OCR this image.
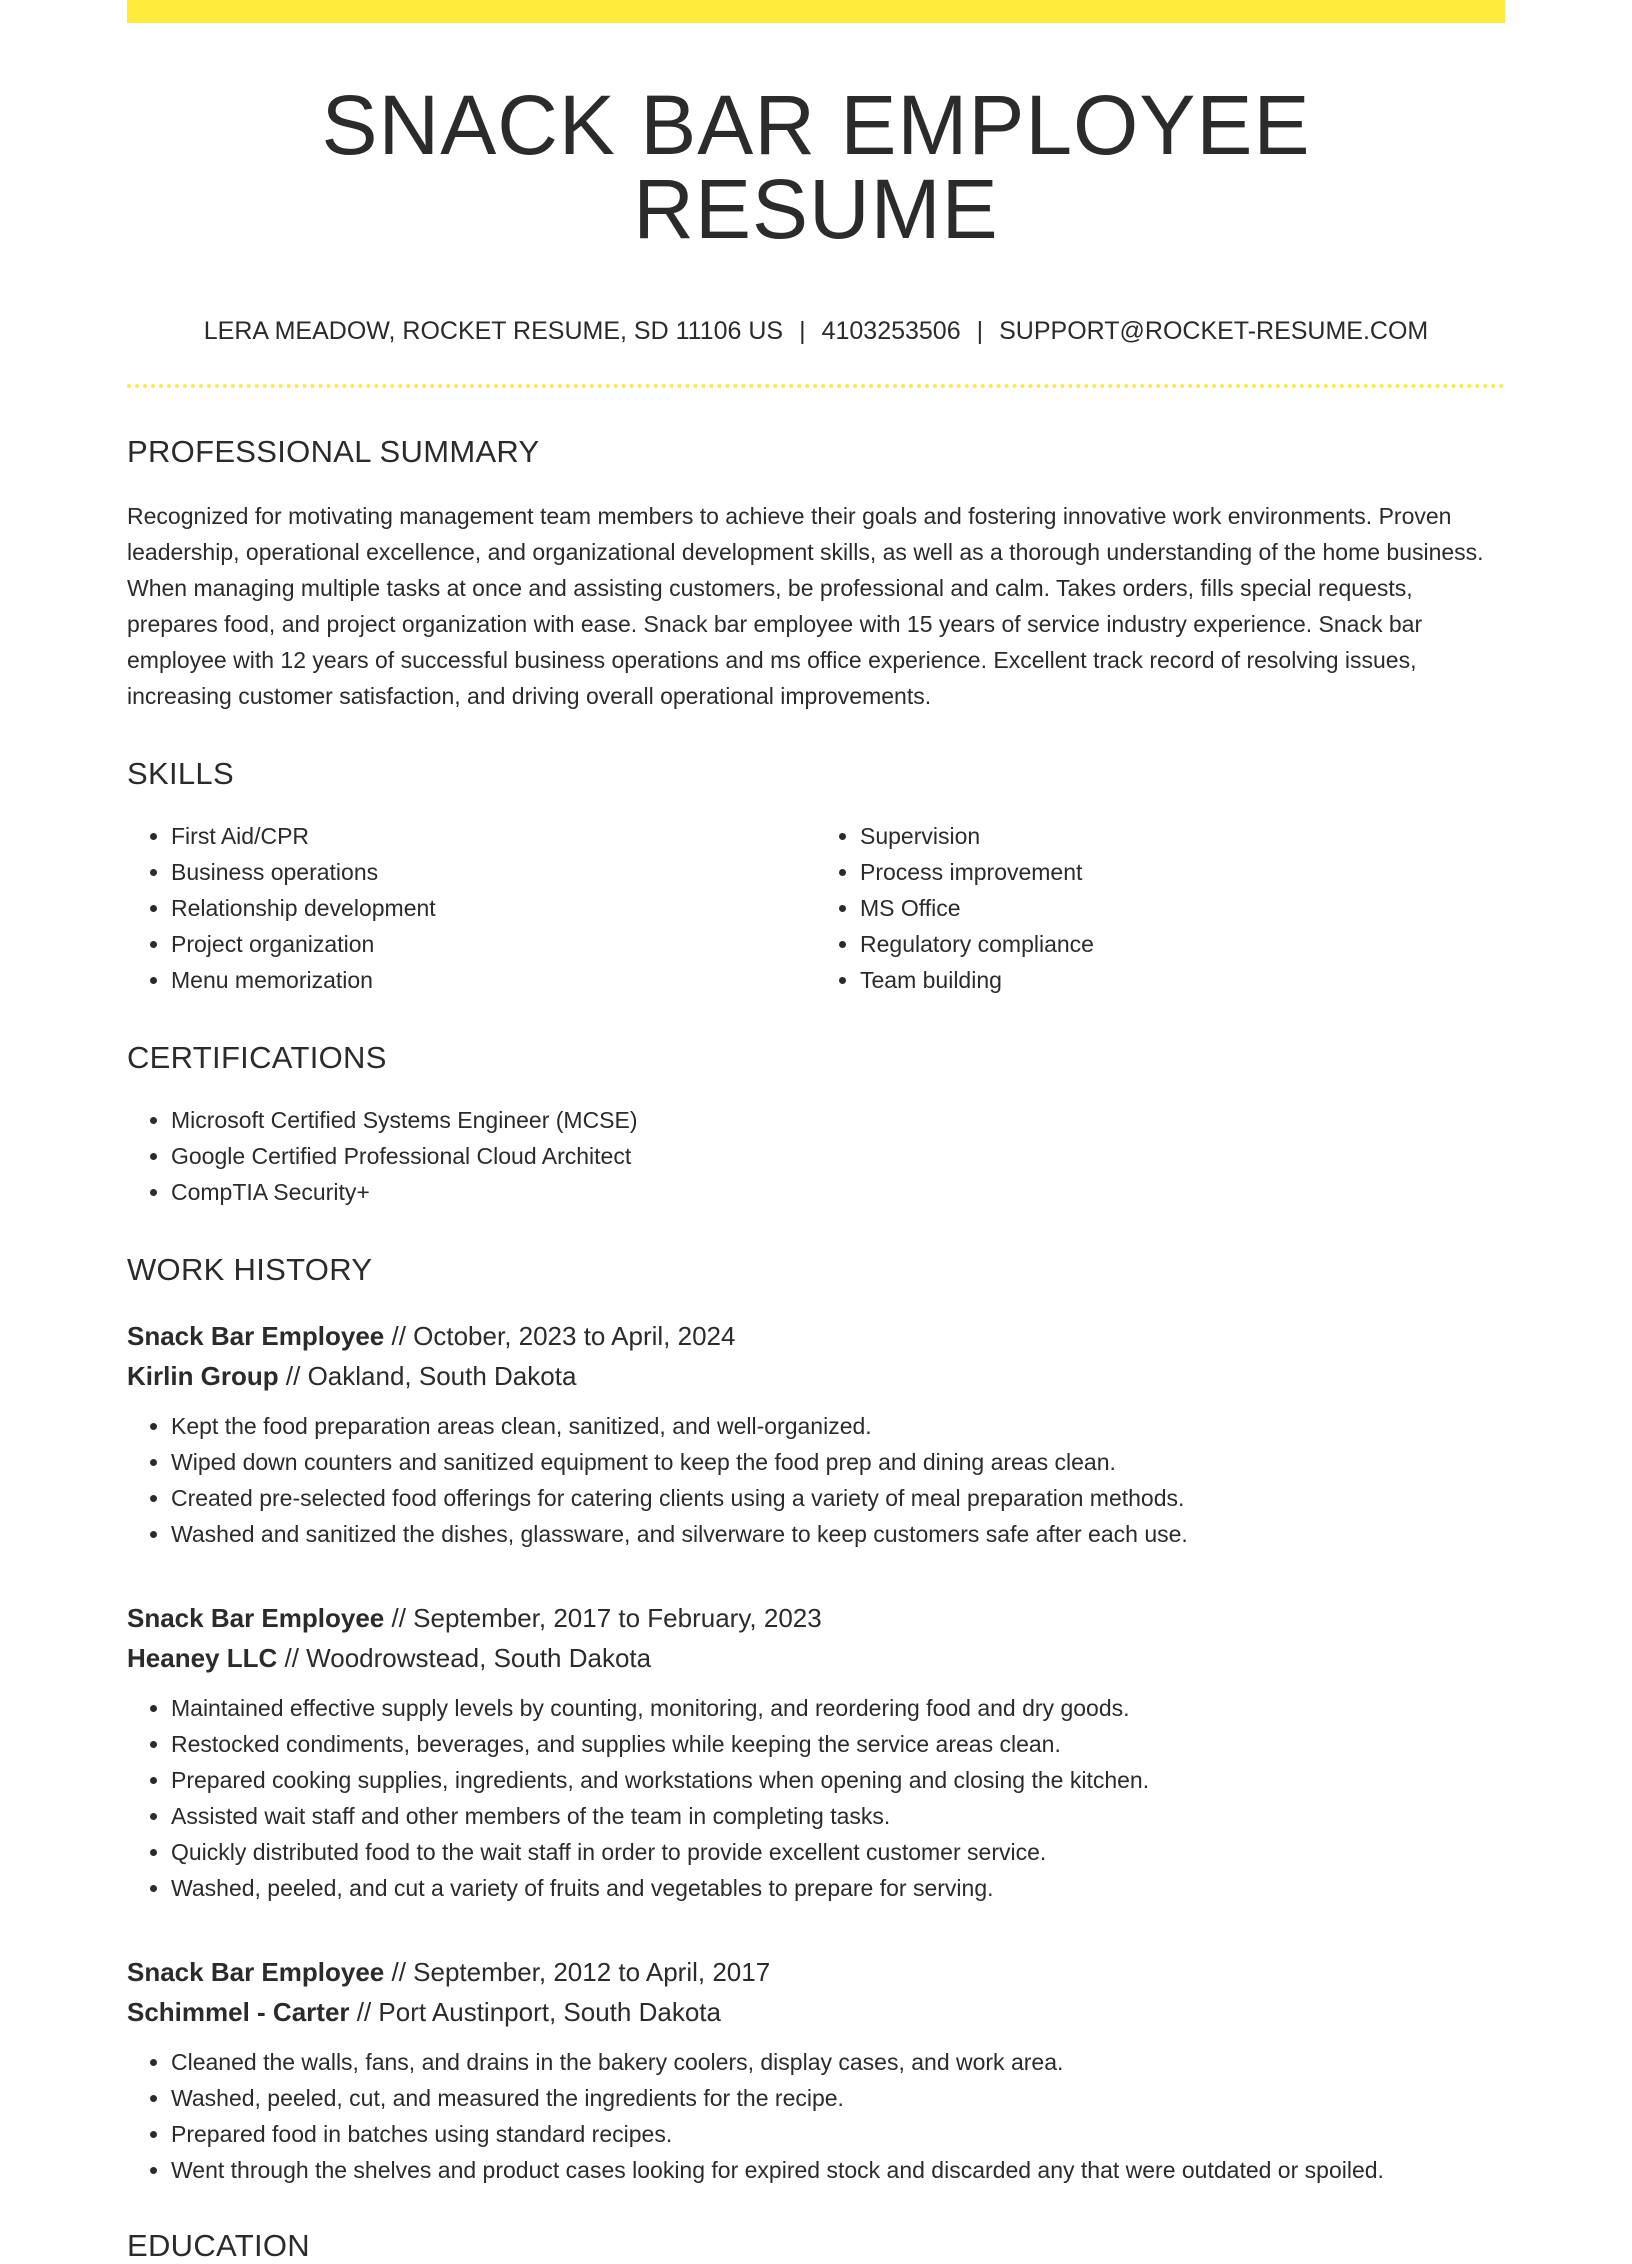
SNACK BAR EMPLOYEE RESUME
LERA MEADOW, ROCKET RESUME, SD 11106 US | 4103253506 | SUPPORT@ROCKET-RESUME.COM
PROFESSIONAL SUMMARY
Recognized for motivating management team members to achieve their goals and fostering innovative work environments. Proven leadership, operational excellence, and organizational development skills, as well as a thorough understanding of the home business. When managing multiple tasks at once and assisting customers, be professional and calm. Takes orders, fills special requests, prepares food, and project organization with ease. Snack bar employee with 15 years of service industry experience. Snack bar employee with 12 years of successful business operations and ms office experience. Excellent track record of resolving issues, increasing customer satisfaction, and driving overall operational improvements.
SKILLS
• First Aid/CPR
• Business operations
• Relationship development
• Project organization
• Menu memorization
• Supervision
• Process improvement
• MS Office
• Regulatory compliance
• Team building
CERTIFICATIONS
• Microsoft Certified Systems Engineer (MCSE)
• Google Certified Professional Cloud Architect
• CompTIA Security+
WORK HISTORY
Snack Bar Employee // October, 2023 to April, 2024
Kirlin Group // Oakland, South Dakota
• Kept the food preparation areas clean, sanitized, and well-organized.
• Wiped down counters and sanitized equipment to keep the food prep and dining areas clean.
• Created pre-selected food offerings for catering clients using a variety of meal preparation methods.
• Washed and sanitized the dishes, glassware, and silverware to keep customers safe after each use.
Snack Bar Employee // September, 2017 to February, 2023
Heaney LLC // Woodrowstead, South Dakota
• Maintained effective supply levels by counting, monitoring, and reordering food and dry goods.
• Restocked condiments, beverages, and supplies while keeping the service areas clean.
• Prepared cooking supplies, ingredients, and workstations when opening and closing the kitchen.
• Assisted wait staff and other members of the team in completing tasks.
• Quickly distributed food to the wait staff in order to provide excellent customer service.
• Washed, peeled, and cut a variety of fruits and vegetables to prepare for serving.
Snack Bar Employee // September, 2012 to April, 2017
Schimmel - Carter // Port Austinport, South Dakota
• Cleaned the walls, fans, and drains in the bakery coolers, display cases, and work area.
• Washed, peeled, cut, and measured the ingredients for the recipe.
• Prepared food in batches using standard recipes.
• Went through the shelves and product cases looking for expired stock and discarded any that were outdated or spoiled.
EDUCATION
